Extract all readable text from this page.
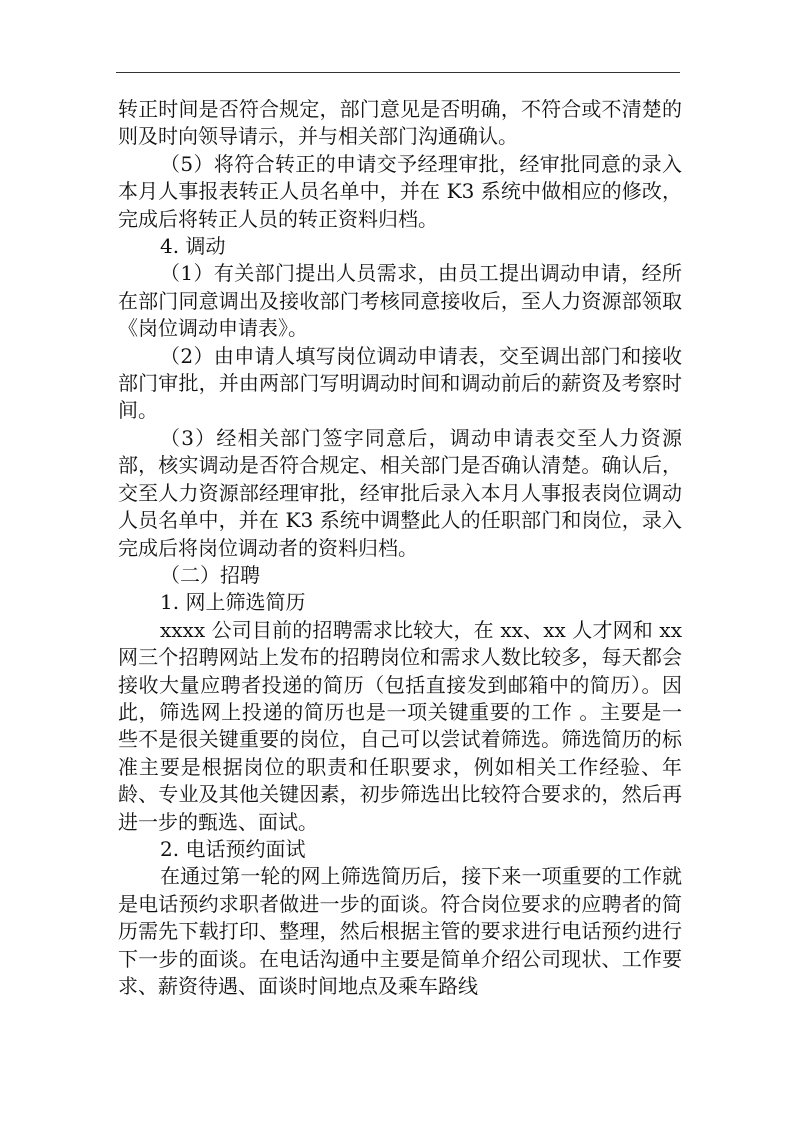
转正时间是否符合规定，部门意见是否明确，不符合或不清楚的则及时向领导请示，并与相关部门沟通确认。

（5）将符合转正的申请交予经理审批，经审批同意的录入本月人事报表转正人员名单中，并在 K3 系统中做相应的修改，完成后将转正人员的转正资料归档。

4. 调动

（1）有关部门提出人员需求，由员工提出调动申请，经所在部门同意调出及接收部门考核同意接收后，至人力资源部领取《岗位调动申请表》。

（2）由申请人填写岗位调动申请表，交至调出部门和接收部门审批，并由两部门写明调动时间和调动前后的薪资及考察时间。

（3）经相关部门签字同意后，调动申请表交至人力资源部，核实调动是否符合规定、相关部门是否确认清楚。确认后，交至人力资源部经理审批，经审批后录入本月人事报表岗位调动人员名单中，并在 K3 系统中调整此人的任职部门和岗位，录入完成后将岗位调动者的资料归档。

（二）招聘

1. 网上筛选简历

xxxx 公司目前的招聘需求比较大，在 xx、xx 人才网和 xx 网三个招聘网站上发布的招聘岗位和需求人数比较多，每天都会接收大量应聘者投递的简历（包括直接发到邮箱中的简历）。因此，筛选网上投递的简历也是一项关键重要的工作 。主要是一些不是很关键重要的岗位，自己可以尝试着筛选。筛选简历的标准主要是根据岗位的职责和任职要求，例如相关工作经验、年龄、专业及其他关键因素，初步筛选出比较符合要求的，然后再进一步的甄选、面试。

2. 电话预约面试

在通过第一轮的网上筛选简历后，接下来一项重要的工作就是电话预约求职者做进一步的面谈。符合岗位要求的应聘者的简历需先下载打印、整理，然后根据主管的要求进行电话预约进行下一步的面谈。在电话沟通中主要是简单介绍公司现状、工作要求、薪资待遇、面谈时间地点及乘车路线
